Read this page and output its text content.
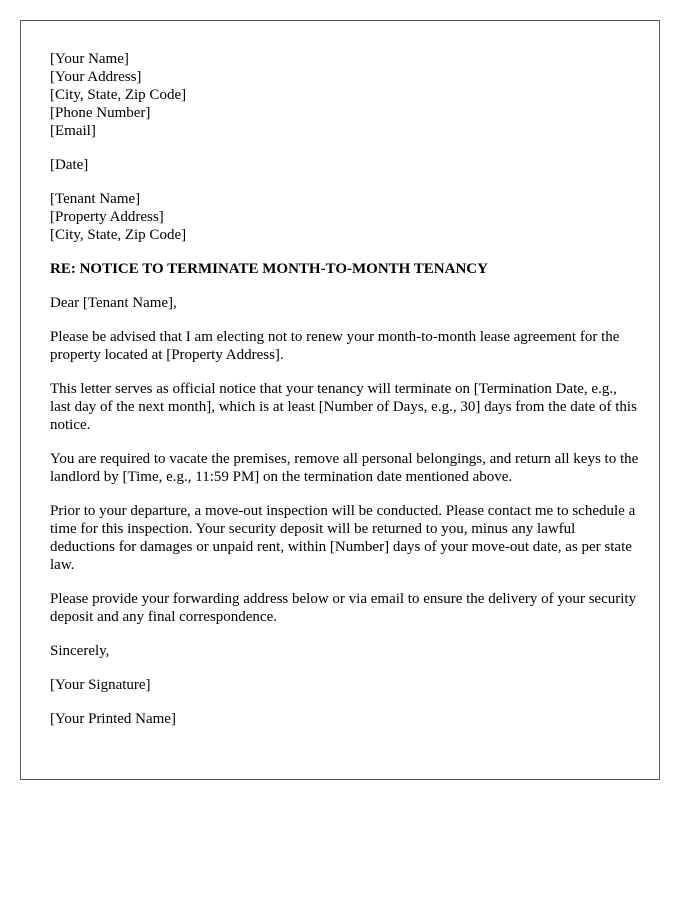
[Your Name]
[Your Address]
[City, State, Zip Code]
[Phone Number]
[Email]
[Date]
[Tenant Name]
[Property Address]
[City, State, Zip Code]
RE: NOTICE TO TERMINATE MONTH-TO-MONTH TENANCY

Dear [Tenant Name],

Please be advised that I am electing not to renew your month-to-month lease agreement for the property located at [Property Address].

This letter serves as official notice that your tenancy will terminate on [Termination Date, e.g., last day of the next month], which is at least [Number of Days, e.g., 30] days from the date of this notice.

You are required to vacate the premises, remove all personal belongings, and return all keys to the landlord by [Time, e.g., 11:59 PM] on the termination date mentioned above.

Prior to your departure, a move-out inspection will be conducted. Please contact me to schedule a time for this inspection. Your security deposit will be returned to you, minus any lawful deductions for damages or unpaid rent, within [Number] days of your move-out date, as per state law.

Please provide your forwarding address below or via email to ensure the delivery of your security deposit and any final correspondence.

Sincerely,

[Your Signature]

[Your Printed Name]
